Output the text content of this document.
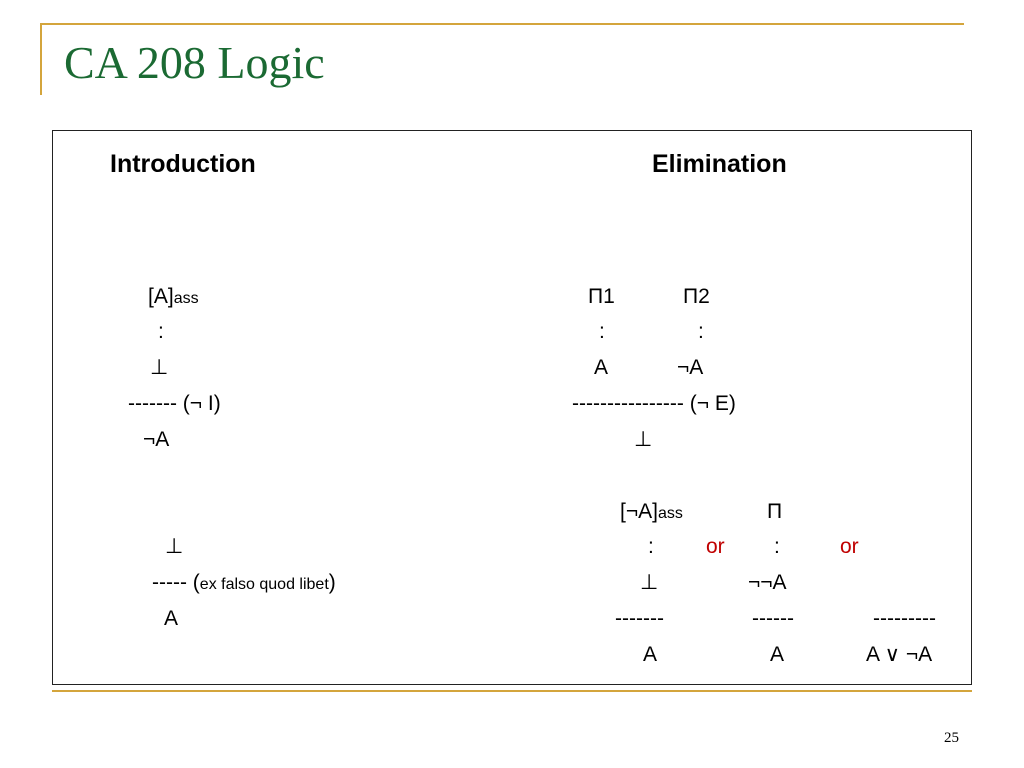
CA 208 Logic
Introduction	Elimination
[A]ass
:
⊥
------- (¬ I)
¬A
⊥
----- (ex falso quod libet)
A
Π1	Π2
:	:
A	¬A
---------------- (¬ E)
⊥
[¬A]ass	Π
: or :	or
⊥	¬¬A
-------	------	---------
A	A	A ∨ ¬A
25
